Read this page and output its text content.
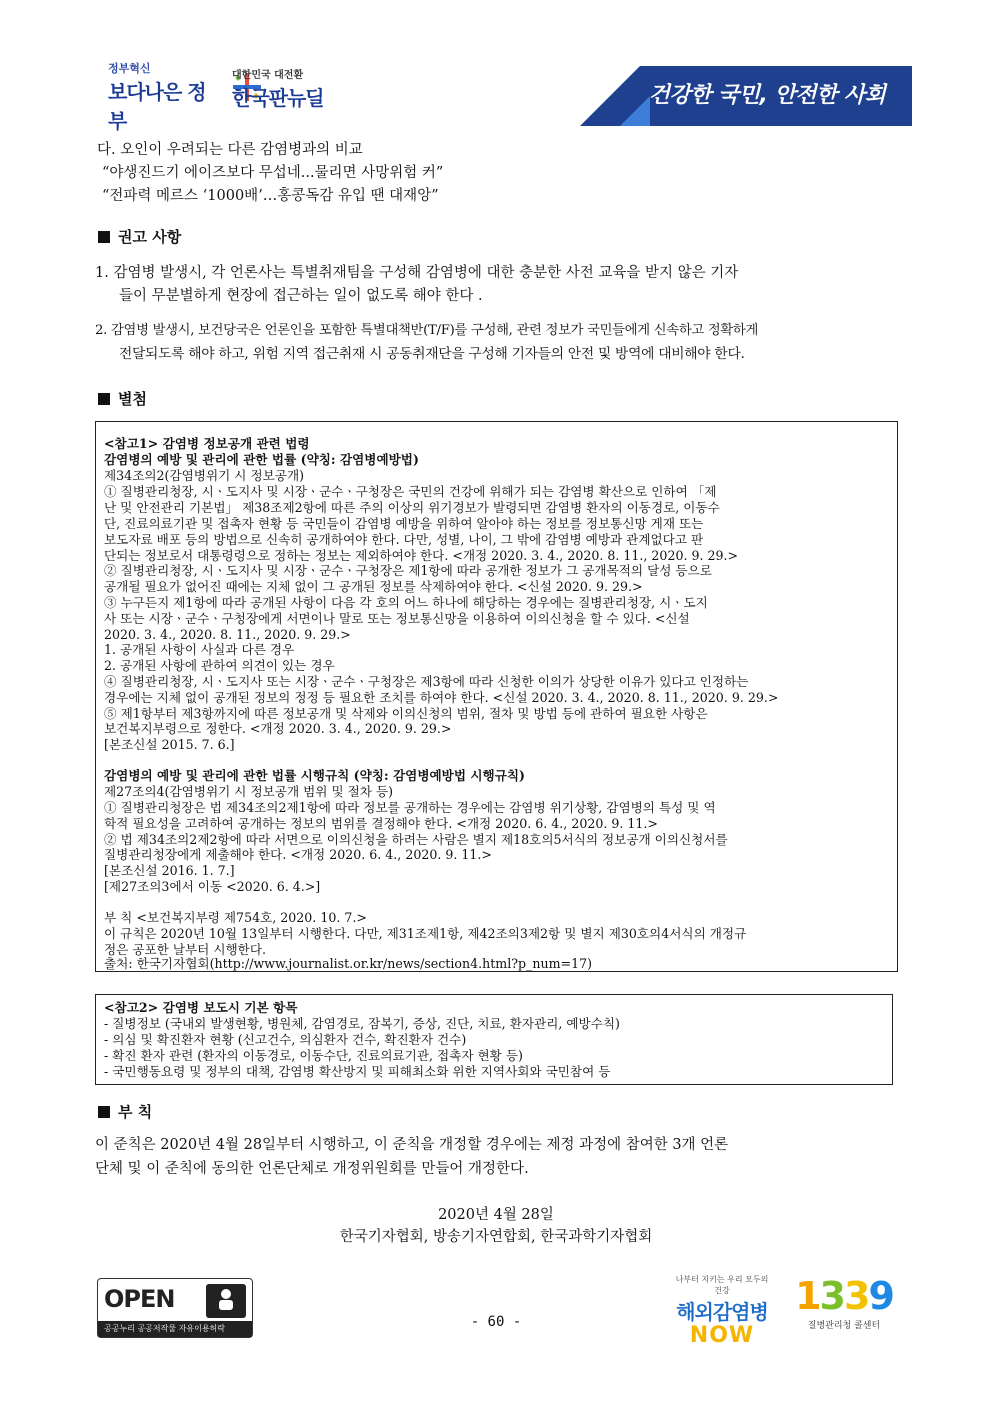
정부혁신
보다나은 정부
대한민국 대전환
한국판뉴딜	건강한 국민, 안전한 사회
다. 오인이 우려되는 다른 감염병과의 비교
“야생진드기 에이즈보다 무섭네...물리면 사망위험 커”
“전파력 메르스 ‘1000배’…홍콩독감 유입 땐 대재앙”
권고 사항
1. 감염병 발생시, 각 언론사는 특별취재팀을 구성해 감염병에 대한 충분한 사전 교육을 받지 않은 기자
들이 무분별하게 현장에 접근하는 일이 없도록 해야 한다 .
2. 감염병 발생시, 보건당국은 언론인을 포함한 특별대책반(T/F)를 구성해, 관련 정보가 국민들에게 신속하고 정확하게
전달되도록 해야 하고, 위험 지역 접근취재 시 공동취재단을 구성해 기자들의 안전 및 방역에 대비해야 한다.
별첨
<참고1> 감염병 정보공개 관련 법령
감염병의 예방 및 관리에 관한 법률 (약칭: 감염병예방법)
제34조의2(감염병위기 시 정보공개)
① 질병관리청장, 시ㆍ도지사 및 시장ㆍ군수ㆍ구청장은 국민의 건강에 위해가 되는 감염병 확산으로 인하여 「제
난 및 안전관리 기본법」 제38조제2항에 따른 주의 이상의 위기경보가 발령되면 감염병 환자의 이동경로, 이동수
단, 진료의료기관 및 접촉자 현황 등 국민들이 감염병 예방을 위하여 알아야 하는 정보를 정보통신망 게재 또는
보도자료 배포 등의 방법으로 신속히 공개하여야 한다. 다만, 성별, 나이, 그 밖에 감염병 예방과 관계없다고 판
단되는 정보로서 대통령령으로 정하는 정보는 제외하여야 한다. <개정 2020. 3. 4., 2020. 8. 11., 2020. 9. 29.>
② 질병관리청장, 시ㆍ도지사 및 시장ㆍ군수ㆍ구청장은 제1항에 따라 공개한 정보가 그 공개목적의 달성 등으로
공개될 필요가 없어진 때에는 지체 없이 그 공개된 정보를 삭제하여야 한다. <신설 2020. 9. 29.>
③ 누구든지 제1항에 따라 공개된 사항이 다음 각 호의 어느 하나에 해당하는 경우에는 질병관리청장, 시ㆍ도지
사 또는 시장ㆍ군수ㆍ구청장에게 서면이나 말로 또는 정보통신망을 이용하여 이의신청을 할 수 있다. <신설
2020. 3. 4., 2020. 8. 11., 2020. 9. 29.>
1. 공개된 사항이 사실과 다른 경우
2. 공개된 사항에 관하여 의견이 있는 경우
④ 질병관리청장, 시ㆍ도지사 또는 시장ㆍ군수ㆍ구청장은 제3항에 따라 신청한 이의가 상당한 이유가 있다고 인정하는
경우에는 지체 없이 공개된 정보의 정정 등 필요한 조치를 하여야 한다. <신설 2020. 3. 4., 2020. 8. 11., 2020. 9. 29.>
⑤ 제1항부터 제3항까지에 따른 정보공개 및 삭제와 이의신청의 범위, 절차 및 방법 등에 관하여 필요한 사항은
보건복지부령으로 정한다. <개정 2020. 3. 4., 2020. 9. 29.>
[본조신설 2015. 7. 6.]
감염병의 예방 및 관리에 관한 법률 시행규칙 (약칭: 감염병예방법 시행규칙)
제27조의4(감염병위기 시 정보공개 범위 및 절차 등)
① 질병관리청장은 법 제34조의2제1항에 따라 정보를 공개하는 경우에는 감염병 위기상황, 감염병의 특성 및 역
학적 필요성을 고려하여 공개하는 정보의 범위를 결정해야 한다. <개정 2020. 6. 4., 2020. 9. 11.>
② 법 제34조의2제2항에 따라 서면으로 이의신청을 하려는 사람은 별지 제18호의5서식의 정보공개 이의신청서를
질병관리청장에게 제출해야 한다. <개정 2020. 6. 4., 2020. 9. 11.>
[본조신설 2016. 1. 7.]
[제27조의3에서 이동 <2020. 6. 4.>]
부 칙 <보건복지부령 제754호, 2020. 10. 7.>
이 규칙은 2020년 10월 13일부터 시행한다. 다만, 제31조제1항, 제42조의3제2항 및 별지 제30호의4서식의 개정규
정은 공포한 날부터 시행한다.
출처: 한국기자협회(http://www.journalist.or.kr/news/section4.html?p_num=17)
<참고2> 감염병 보도시 기본 항목
- 질병정보 (국내외 발생현황, 병원체, 감염경로, 잠복기, 증상, 진단, 치료, 환자관리, 예방수칙)
- 의심 및 확진환자 현황 (신고건수, 의심환자 건수, 확진환자 건수)
- 확진 환자 관련 (환자의 이동경로, 이동수단, 진료의료기관, 접촉자 현황 등)
- 국민행동요령 및 정부의 대책, 감염병 확산방지 및 피해최소화 위한 지역사회와 국민참여 등
부 칙
이 준칙은 2020년 4월 28일부터 시행하고, 이 준칙을 개정할 경우에는 제정 과정에 참여한 3개 언론
단체 및 이 준칙에 동의한 언론단체로 개정위원회를 만들어 개정한다.
2020년 4월 28일
한국기자협회, 방송기자연합회, 한국과학기자협회
OPEN
공공누리 공공저작물 자유이용허락	- 60 -
나부터 지키는 우리 모두의 건강
해외감염병
NOW
1339
질병관리청 콜센터
